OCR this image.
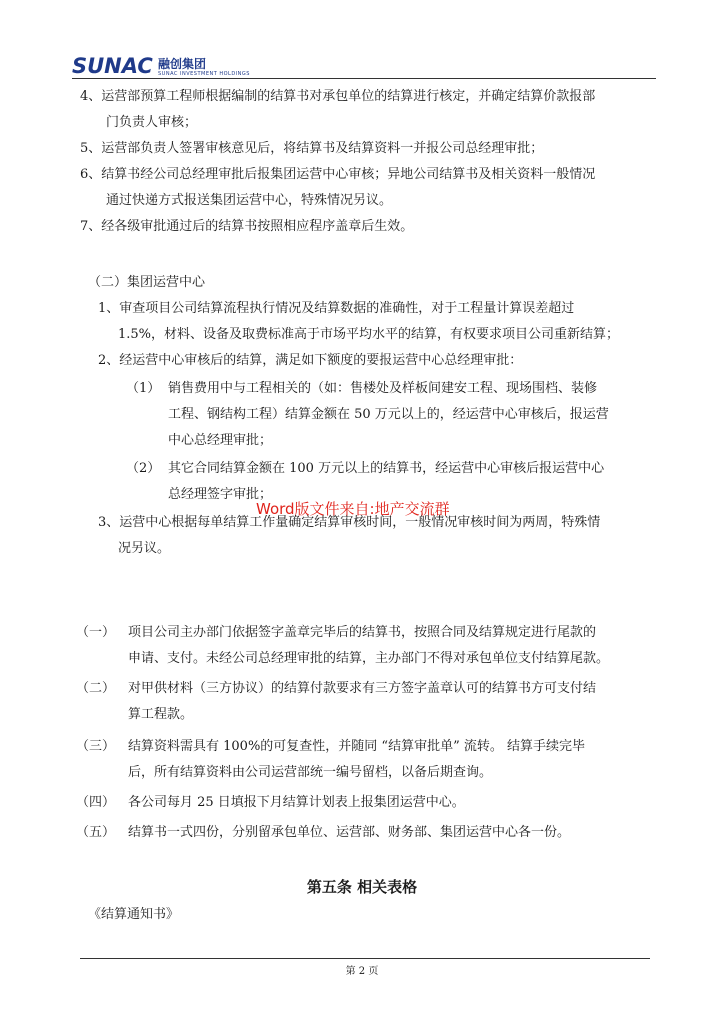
SUNAC 融创集团
SUNAC INVESTMENT HOLDINGS
4、运营部预算工程师根据编制的结算书对承包单位的结算进行核定，并确定结算价款报部
门负责人审核；
5、运营部负责人签署审核意见后，将结算书及结算资料一并报公司总经理审批；
6、结算书经公司总经理审批后报集团运营中心审核；异地公司结算书及相关资料一般情况
通过快递方式报送集团运营中心，特殊情况另议。
7、经各级审批通过后的结算书按照相应程序盖章后生效。
（二）集团运营中心
1、审查项目公司结算流程执行情况及结算数据的准确性，对于工程量计算误差超过
1.5%，材料、设备及取费标准高于市场平均水平的结算，有权要求项目公司重新结算；
2、经运营中心审核后的结算，满足如下额度的要报运营中心总经理审批：
（1） 销售费用中与工程相关的（如：售楼处及样板间建安工程、现场围档、装修
工程、钢结构工程）结算金额在 50 万元以上的，经运营中心审核后，报运营
中心总经理审批；
（2） 其它合同结算金额在 100 万元以上的结算书，经运营中心审核后报运营中心
总经理签字审批；
3、运营中心根据每单结算工作量确定结算审核时间，一般情况审核时间为两周，特殊情
况另议。
Word版文件来自:地产交流群
（一） 项目公司主办部门依据签字盖章完毕后的结算书，按照合同及结算规定进行尾款的
申请、支付。未经公司总经理审批的结算，主办部门不得对承包单位支付结算尾款。
（二） 对甲供材料（三方协议）的结算付款要求有三方签字盖章认可的结算书方可支付结
算工程款。
（三） 结算资料需具有 100%的可复查性，并随同 “结算审批单” 流转。 结算手续完毕
后，所有结算资料由公司运营部统一编号留档，以备后期查询。
（四） 各公司每月 25 日填报下月结算计划表上报集团运营中心。
（五） 结算书一式四份，分别留承包单位、运营部、财务部、集团运营中心各一份。
第五条 相关表格
《结算通知书》
第 2 页
